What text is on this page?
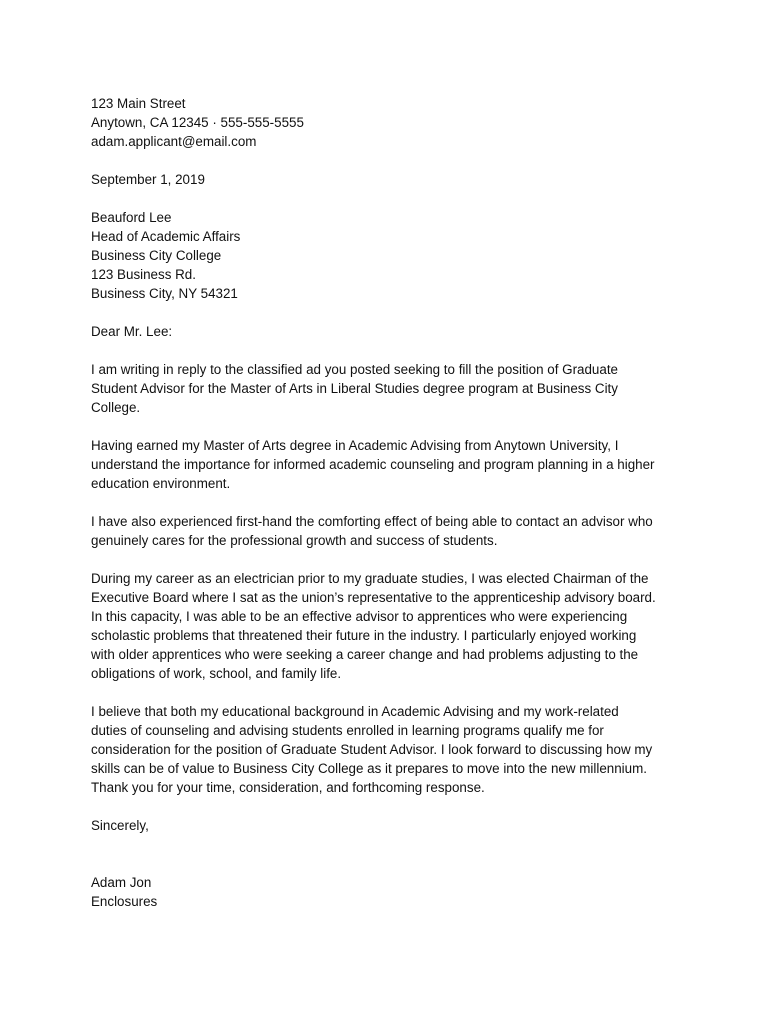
123 Main Street
Anytown, CA 12345 · 555-555-5555
adam.applicant@email.com
September 1, 2019
Beauford Lee
Head of Academic Affairs
Business City College
123 Business Rd.
Business City, NY 54321
Dear Mr. Lee:
I am writing in reply to the classified ad you posted seeking to fill the position of Graduate
Student Advisor for the Master of Arts in Liberal Studies degree program at Business City
College.
Having earned my Master of Arts degree in Academic Advising from Anytown University, I
understand the importance for informed academic counseling and program planning in a higher
education environment.
I have also experienced first-hand the comforting effect of being able to contact an advisor who
genuinely cares for the professional growth and success of students.
During my career as an electrician prior to my graduate studies, I was elected Chairman of the
Executive Board where I sat as the union’s representative to the apprenticeship advisory board.
In this capacity, I was able to be an effective advisor to apprentices who were experiencing
scholastic problems that threatened their future in the industry. I particularly enjoyed working
with older apprentices who were seeking a career change and had problems adjusting to the
obligations of work, school, and family life.
I believe that both my educational background in Academic Advising and my work-related
duties of counseling and advising students enrolled in learning programs qualify me for
consideration for the position of Graduate Student Advisor. I look forward to discussing how my
skills can be of value to Business City College as it prepares to move into the new millennium.
Thank you for your time, consideration, and forthcoming response.
Sincerely,
Adam Jon
Enclosures
